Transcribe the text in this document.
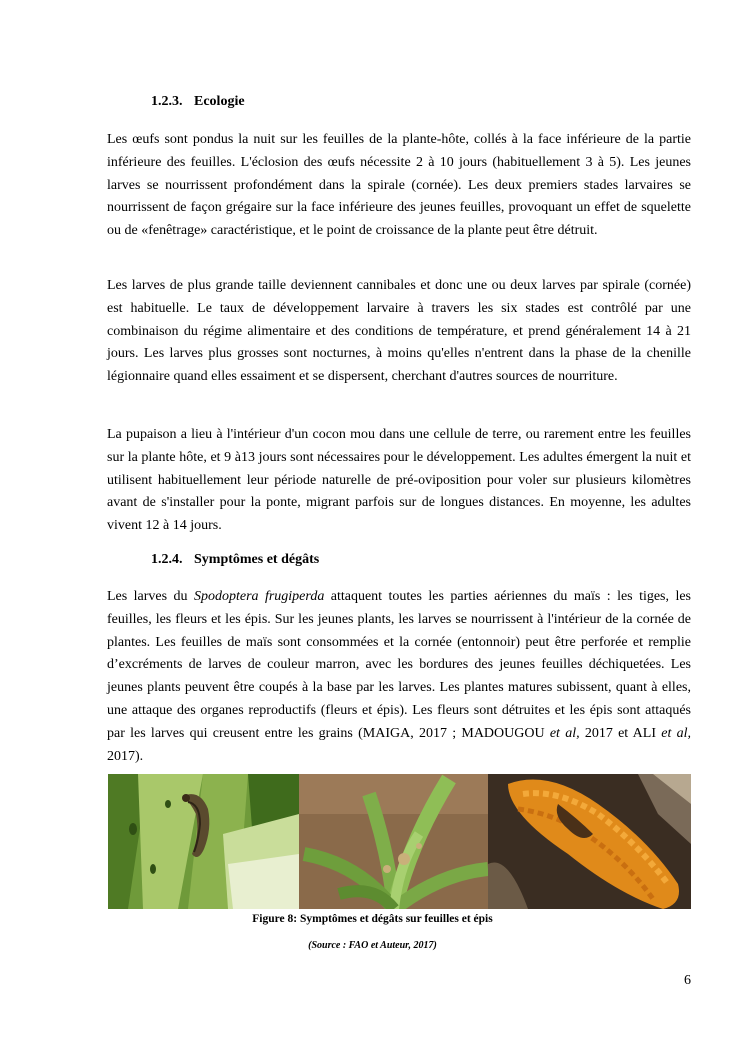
1.2.3. Ecologie

Les œufs sont pondus la nuit sur les feuilles de la plante-hôte, collés à la face inférieure de la partie inférieure des feuilles. L'éclosion des œufs nécessite 2 à 10 jours (habituellement 3 à 5). Les jeunes larves se nourrissent profondément dans la spirale (cornée). Les deux premiers stades larvaires se nourrissent de façon grégaire sur la face inférieure des jeunes feuilles, provoquant un effet de squelette ou de «fenêtrage» caractéristique, et le point de croissance de la plante peut être détruit.

Les larves de plus grande taille deviennent cannibales et donc une ou deux larves par spirale (cornée) est habituelle. Le taux de développement larvaire à travers les six stades est contrôlé par une combinaison du régime alimentaire et des conditions de température, et prend généralement 14 à 21 jours. Les larves plus grosses sont nocturnes, à moins qu'elles n'entrent dans la phase de la chenille légionnaire quand elles essaiment et se dispersent, cherchant d'autres sources de nourriture.

La pupaison a lieu à l'intérieur d'un cocon mou dans une cellule de terre, ou rarement entre les feuilles sur la plante hôte, et 9 à13 jours sont nécessaires pour le développement. Les adultes émergent la nuit et utilisent habituellement leur période naturelle de pré-oviposition pour voler sur plusieurs kilomètres avant de s'installer pour la ponte, migrant parfois sur de longues distances. En moyenne, les adultes vivent 12 à 14 jours.

1.2.4. Symptômes et dégâts

Les larves du Spodoptera frugiperda attaquent toutes les parties aériennes du maïs : les tiges, les feuilles, les fleurs et les épis. Sur les jeunes plants, les larves se nourrissent à l'intérieur de la cornée de plantes. Les feuilles de maïs sont consommées et la cornée (entonnoir) peut être perforée et remplie d’excréments de larves de couleur marron, avec les bordures des jeunes feuilles déchiquetées. Les jeunes plants peuvent être coupés à la base par les larves. Les plantes matures subissent, quant à elles, une attaque des organes reproductifs (fleurs et épis). Les fleurs sont détruites et les épis sont attaqués par les larves qui creusent entre les grains (MAIGA, 2017 ; MADOUGOU et al, 2017 et ALI et al, 2017).

Figure 8: Symptômes et dégâts sur feuilles et épis
(Source : FAO et Auteur, 2017)
6
